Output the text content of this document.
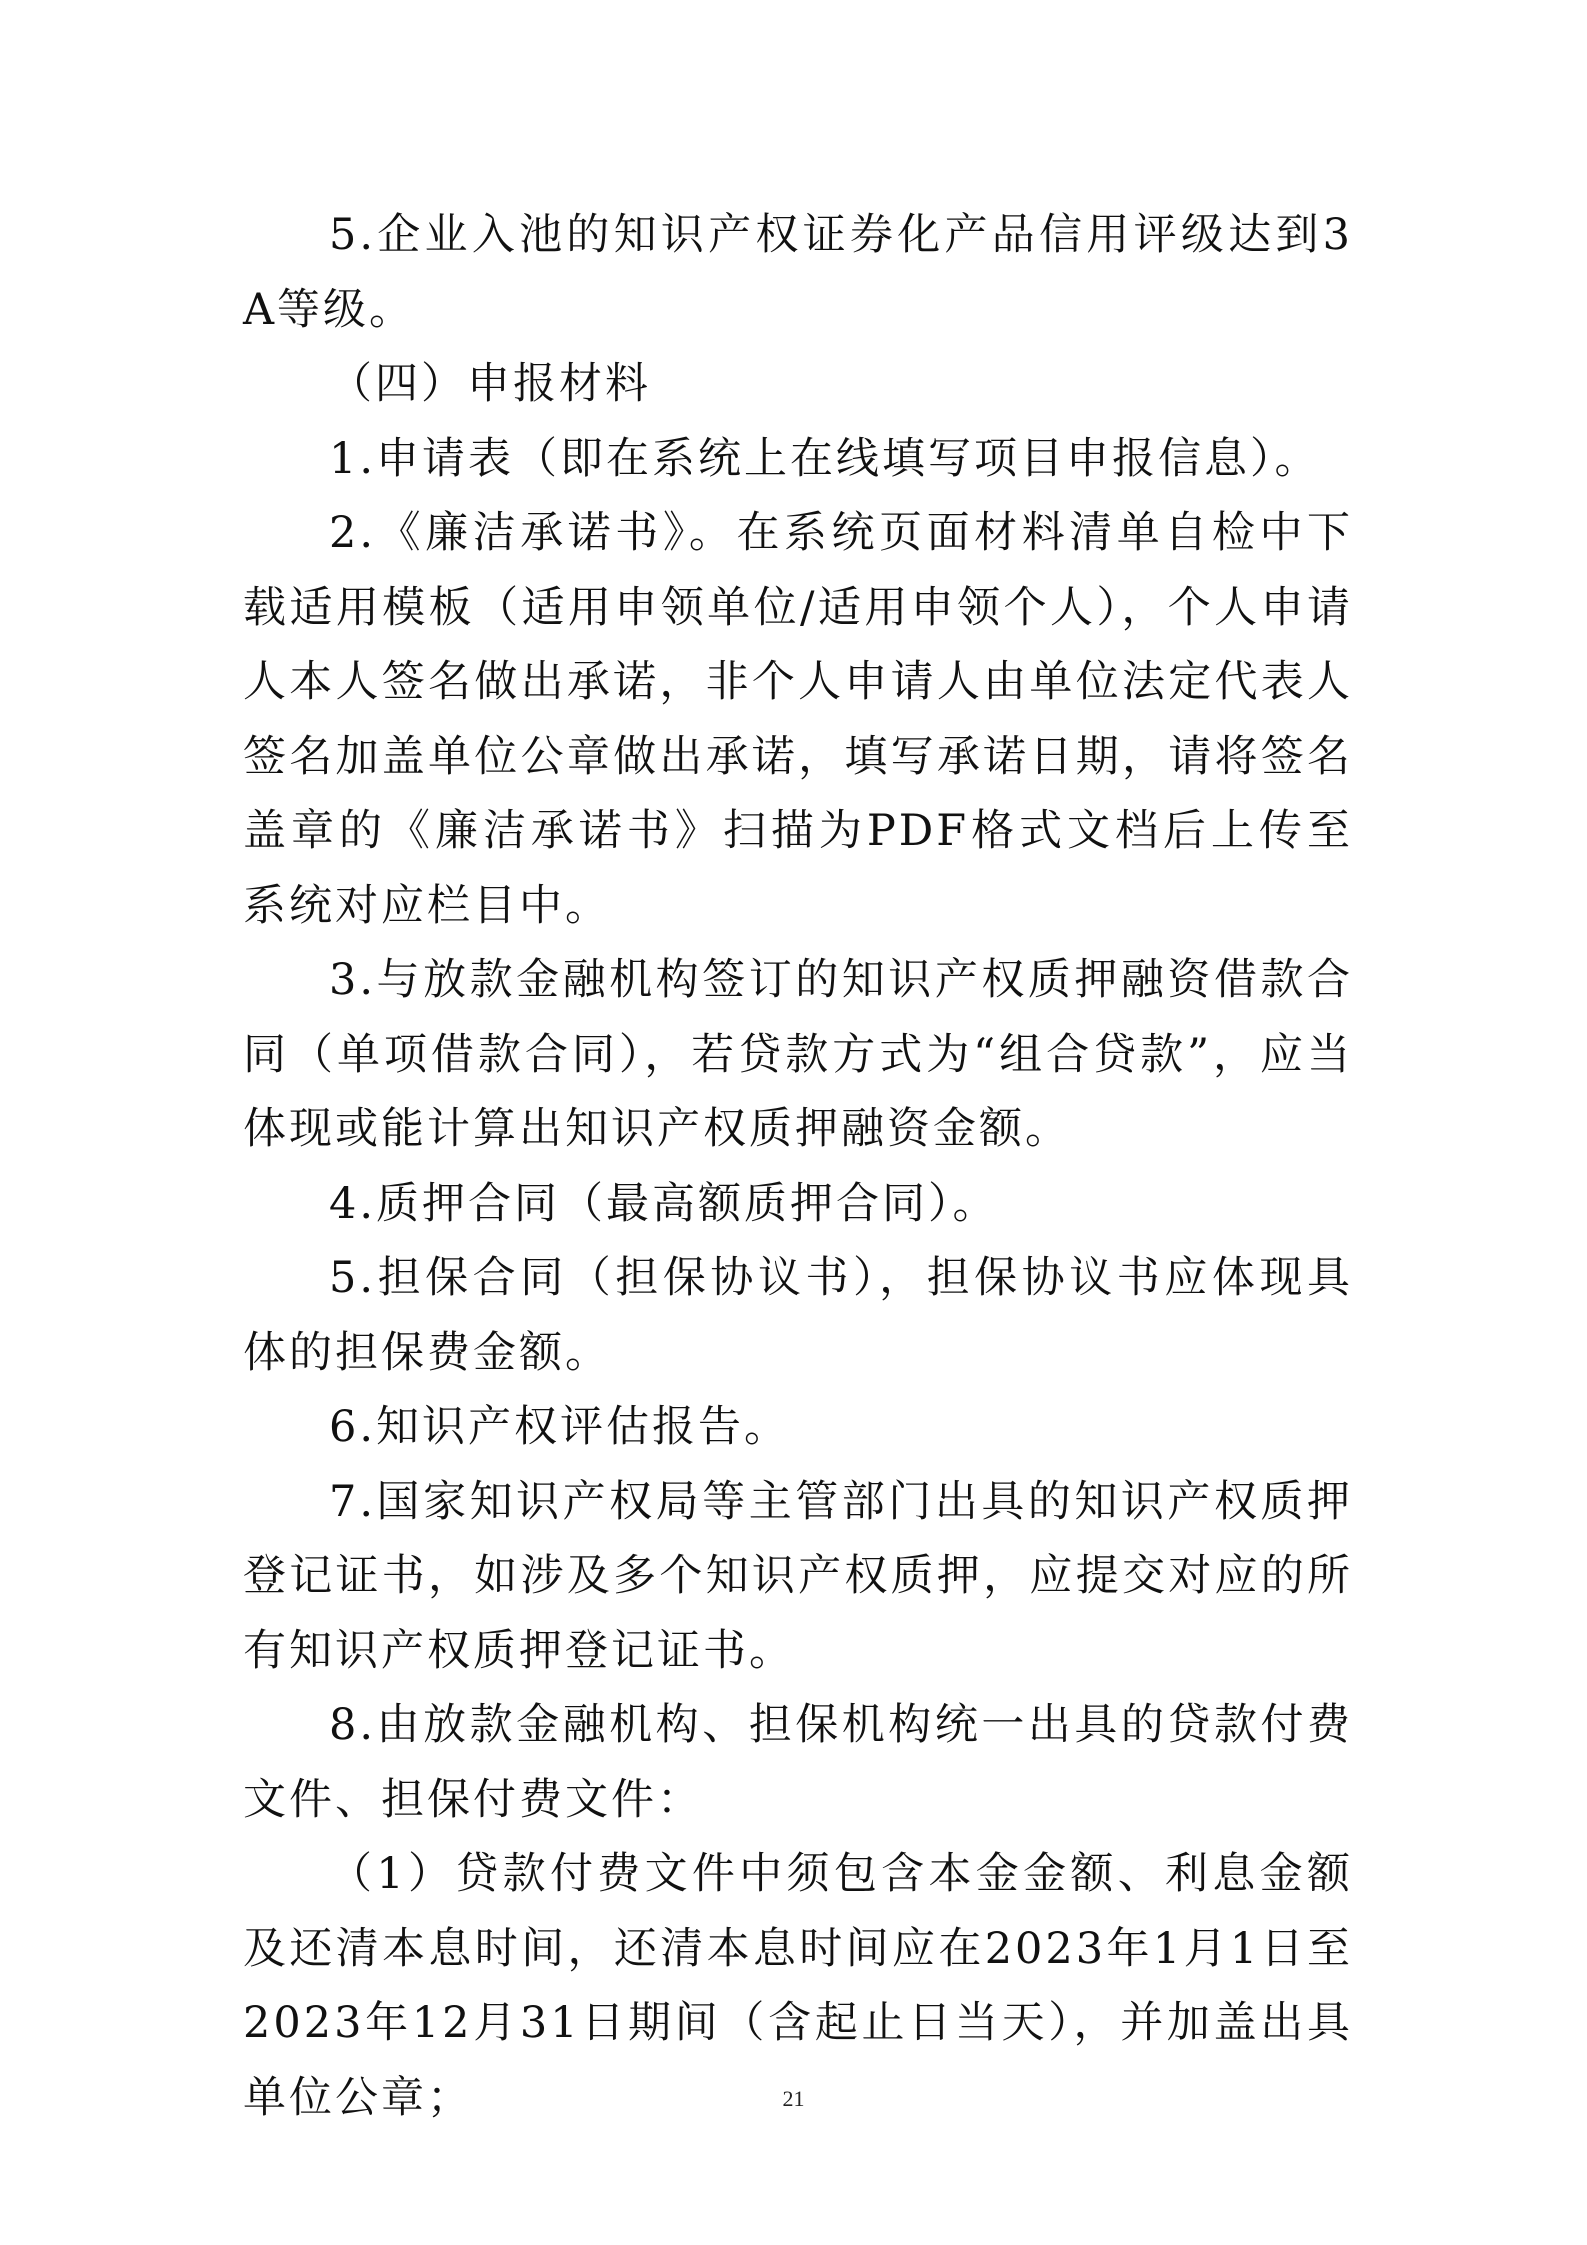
5.企业入池的知识产权证券化产品信用评级达到3A等级。

（四）申报材料

1.申请表（即在系统上在线填写项目申报信息）。

2.《廉洁承诺书》。在系统页面材料清单自检中下载适用模板（适用申领单位/适用申领个人），个人申请人本人签名做出承诺，非个人申请人由单位法定代表人签名加盖单位公章做出承诺，填写承诺日期，请将签名盖章的《廉洁承诺书》扫描为PDF格式文档后上传至系统对应栏目中。

3.与放款金融机构签订的知识产权质押融资借款合同（单项借款合同），若贷款方式为“组合贷款”，应当体现或能计算出知识产权质押融资金额。

4.质押合同（最高额质押合同）。

5.担保合同（担保协议书），担保协议书应体现具体的担保费金额。

6.知识产权评估报告。

7.国家知识产权局等主管部门出具的知识产权质押登记证书，如涉及多个知识产权质押，应提交对应的所有知识产权质押登记证书。

8.由放款金融机构、担保机构统一出具的贷款付费文件、担保付费文件：

（1）贷款付费文件中须包含本金金额、利息金额及还清本息时间，还清本息时间应在2023年1月1日至2023年12月31日期间（含起止日当天），并加盖出具单位公章；	21
